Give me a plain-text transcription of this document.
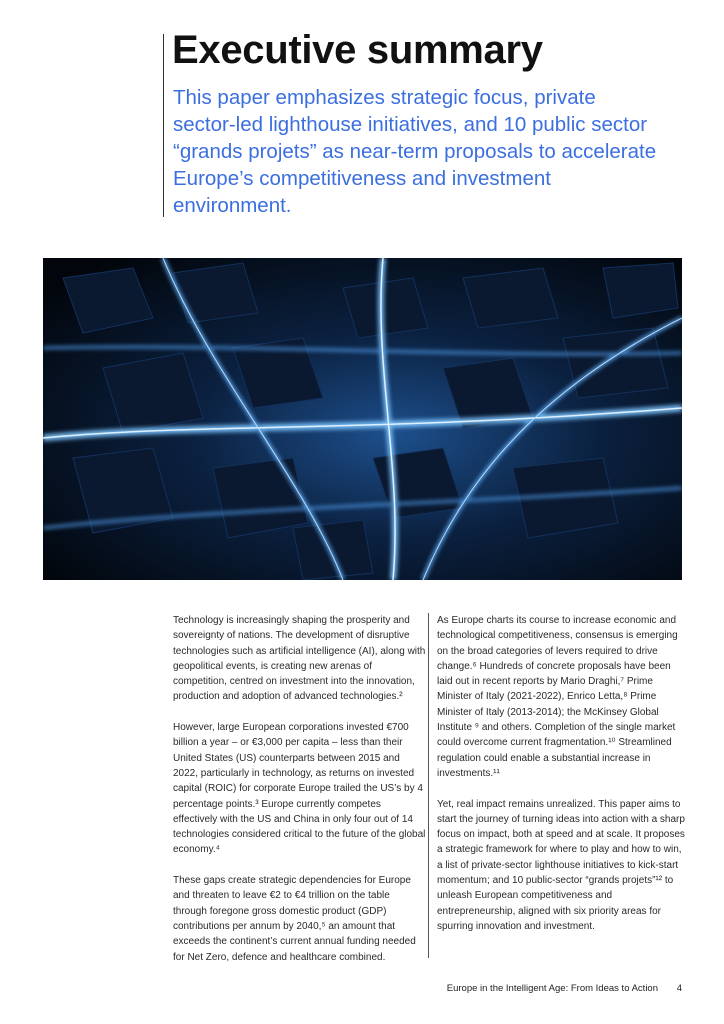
Executive summary

This paper emphasizes strategic focus, private sector-led lighthouse initiatives, and 10 public sector “grands projets” as near-term proposals to accelerate Europe’s competitiveness and investment environment.

Technology is increasingly shaping the prosperity and sovereignty of nations. The development of disruptive technologies such as artificial intelligence (AI), along with geopolitical events, is creating new arenas of competition, centred on investment into the innovation, production and adoption of advanced technologies.²

However, large European corporations invested €700 billion a year – or €3,000 per capita – less than their United States (US) counterparts between 2015 and 2022, particularly in technology, as returns on invested capital (ROIC) for corporate Europe trailed the US’s by 4 percentage points.³ Europe currently competes effectively with the US and China in only four out of 14 technologies considered critical to the future of the global economy.⁴

These gaps create strategic dependencies for Europe and threaten to leave €2 to €4 trillion on the table through foregone gross domestic product (GDP) contributions per annum by 2040,⁵ an amount that exceeds the continent’s current annual funding needed for Net Zero, defence and healthcare combined.

As Europe charts its course to increase economic and technological competitiveness, consensus is emerging on the broad categories of levers required to drive change.⁶ Hundreds of concrete proposals have been laid out in recent reports by Mario Draghi,⁷ Prime Minister of Italy (2021-2022), Enrico Letta,⁸ Prime Minister of Italy (2013-2014); the McKinsey Global Institute ⁹ and others. Completion of the single market could overcome current fragmentation.¹⁰ Streamlined regulation could enable a substantial increase in investments.¹¹

Yet, real impact remains unrealized. This paper aims to start the journey of turning ideas into action with a sharp focus on impact, both at speed and at scale. It proposes a strategic framework for where to play and how to win, a list of private-sector lighthouse initiatives to kick-start momentum; and 10 public-sector “grands projets”¹² to unleash European competitiveness and entrepreneurship, aligned with six priority areas for spurring innovation and investment.

Europe in the Intelligent Age: From Ideas to Action 4
